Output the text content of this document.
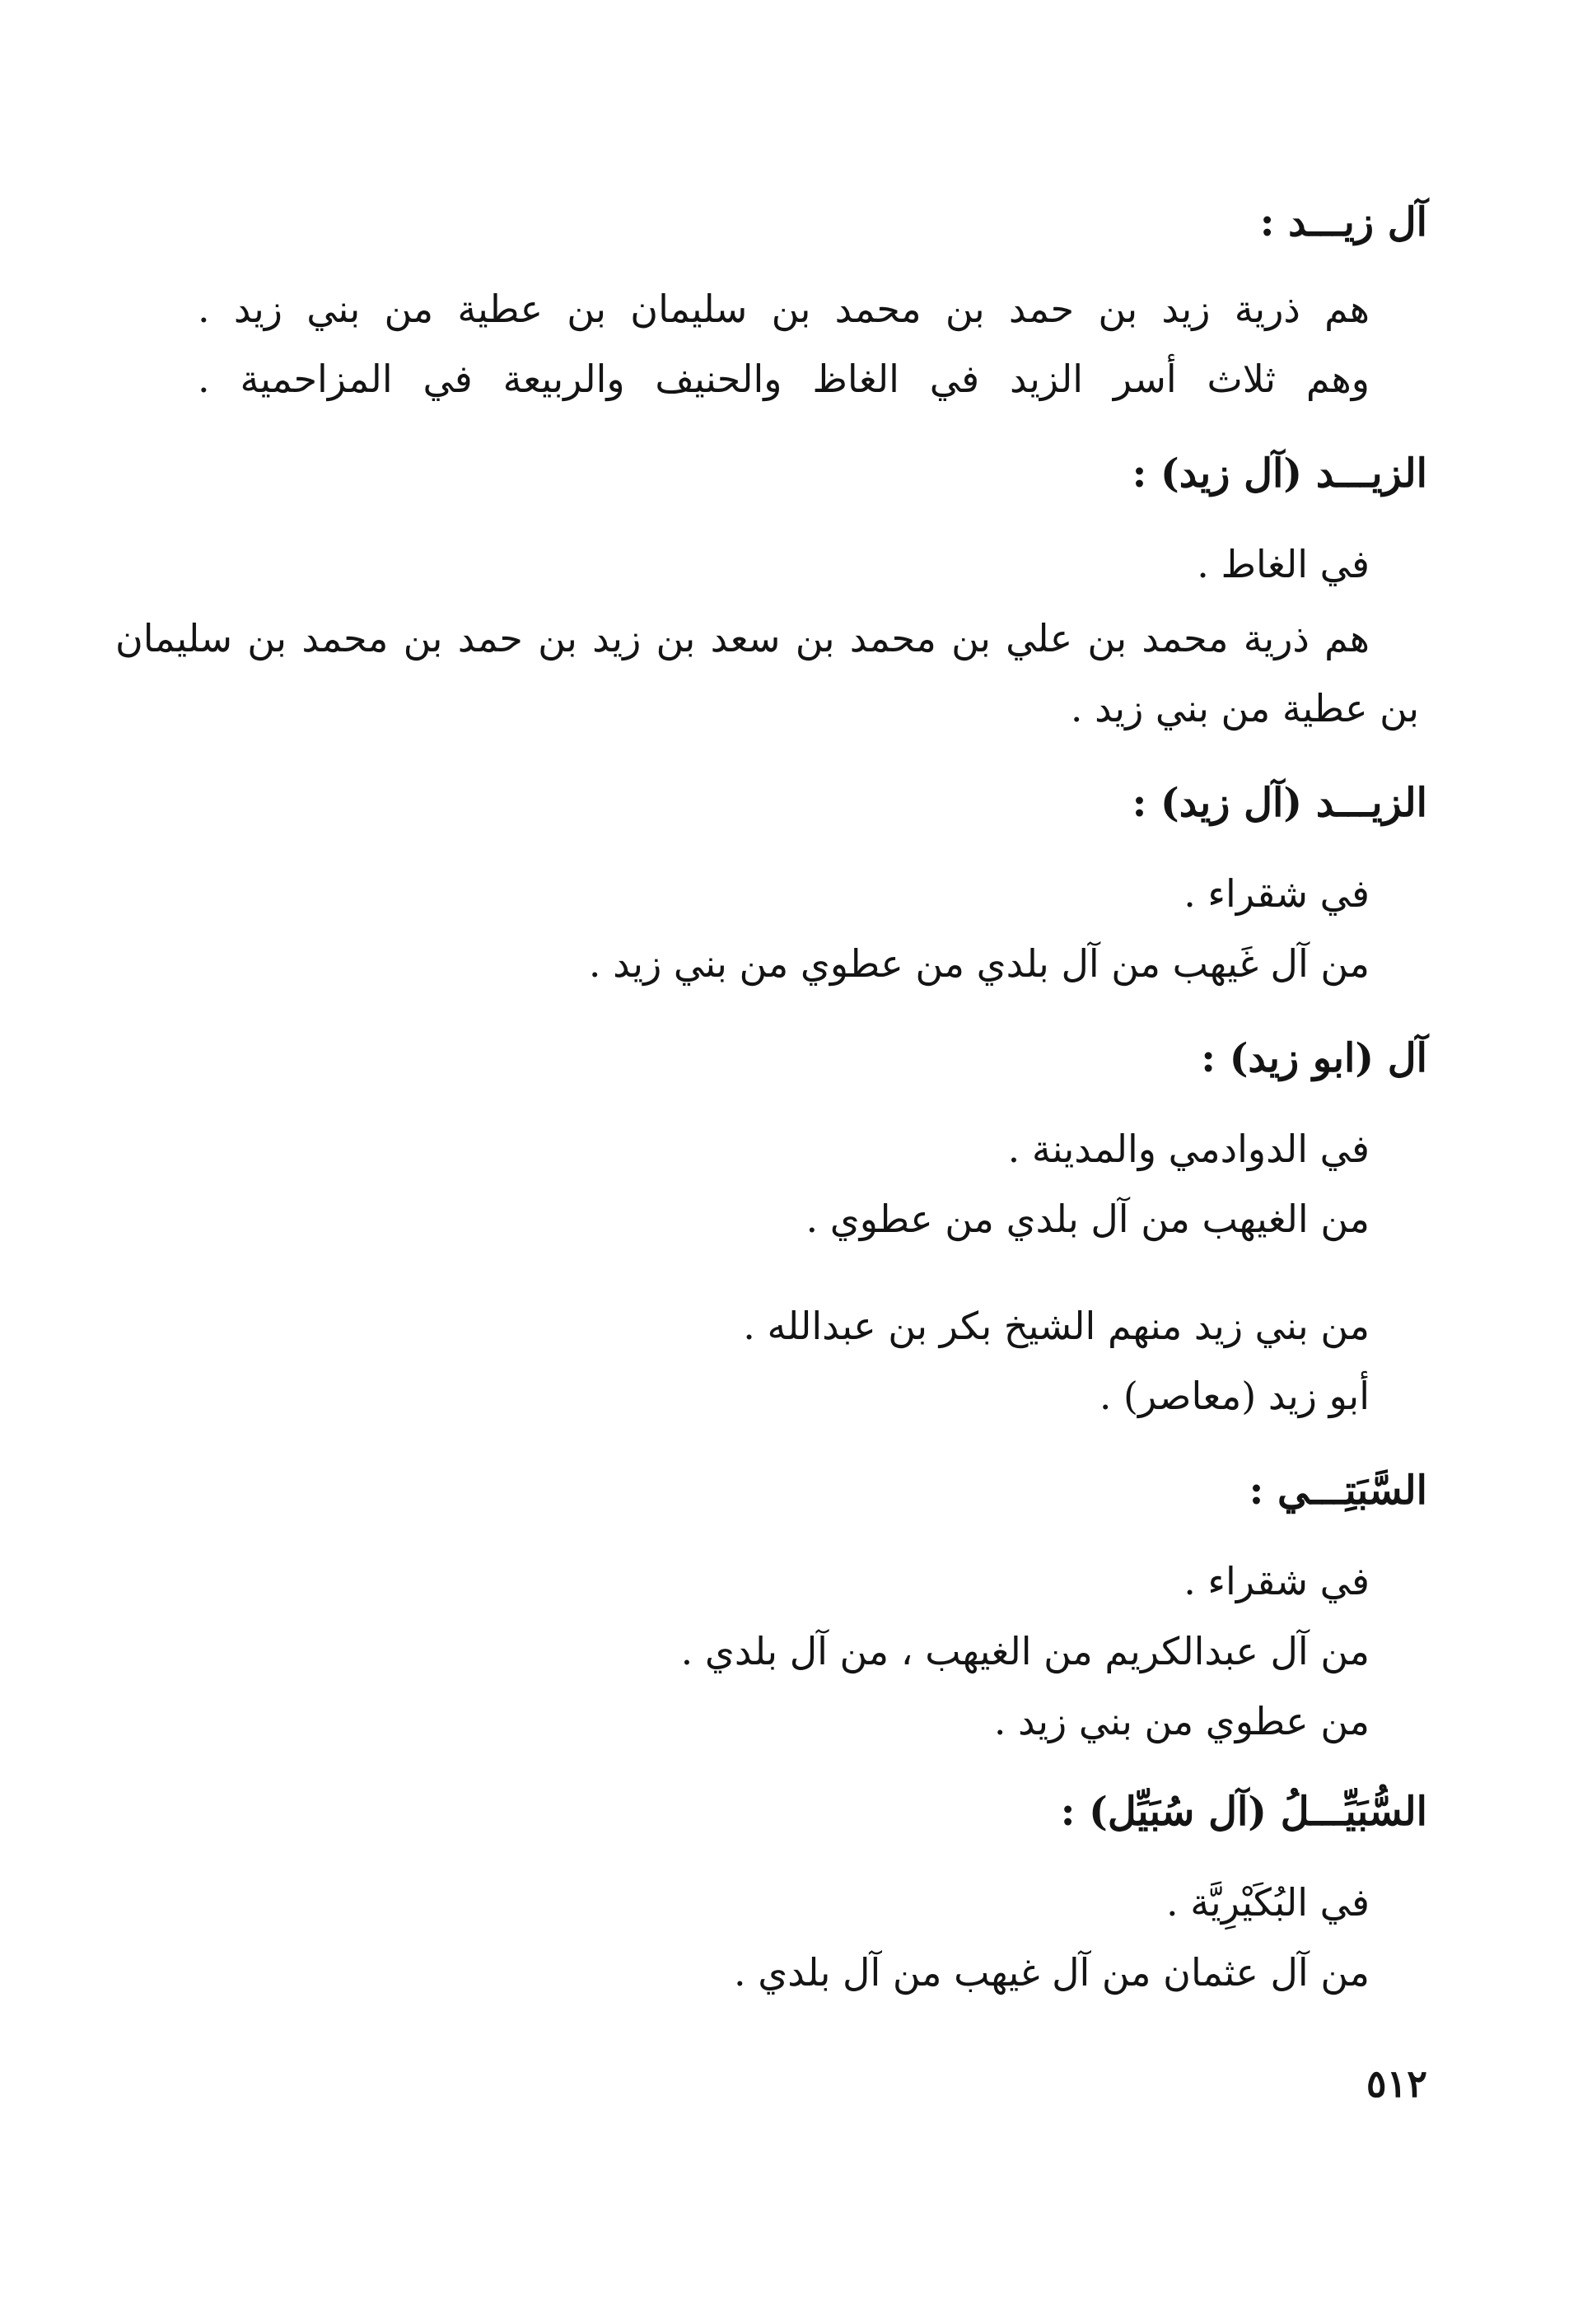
آل زيـــد :
هم ذرية زيد بن حمد بن محمد بن سليمان بن عطية من بني زيد .
وهم ثلاث أسر الزيد في الغاظ والحنيف والربيعة في المزاحمية .
الزيـــد (آل زيد) :
في الغاط .
هم ذرية محمد بن علي بن محمد بن سعد بن زيد بن حمد بن محمد بن سليمان
بن عطية من بني زيد .
الزيـــد (آل زيد) :
في شقراء .
من آل غَيهب من آل بلدي من عطوي من بني زيد .
آل (ابو زيد) :
في الدوادمي والمدينة .
من الغيهب من آل بلدي من عطوي .
من بني زيد منهم الشيخ بكر بن عبدالله .
أبو زيد (معاصر) .
السَّبَتِـــي :
في شقراء .
من آل عبدالكريم من الغيهب ، من آل بلدي .
من عطوي من بني زيد .
السُّبَيِّـــلُ (آل سُبَيِّل) :
في البُكَيْرِيَّة .
من آل عثمان من آل غيهب من آل بلدي .
٥١٢
